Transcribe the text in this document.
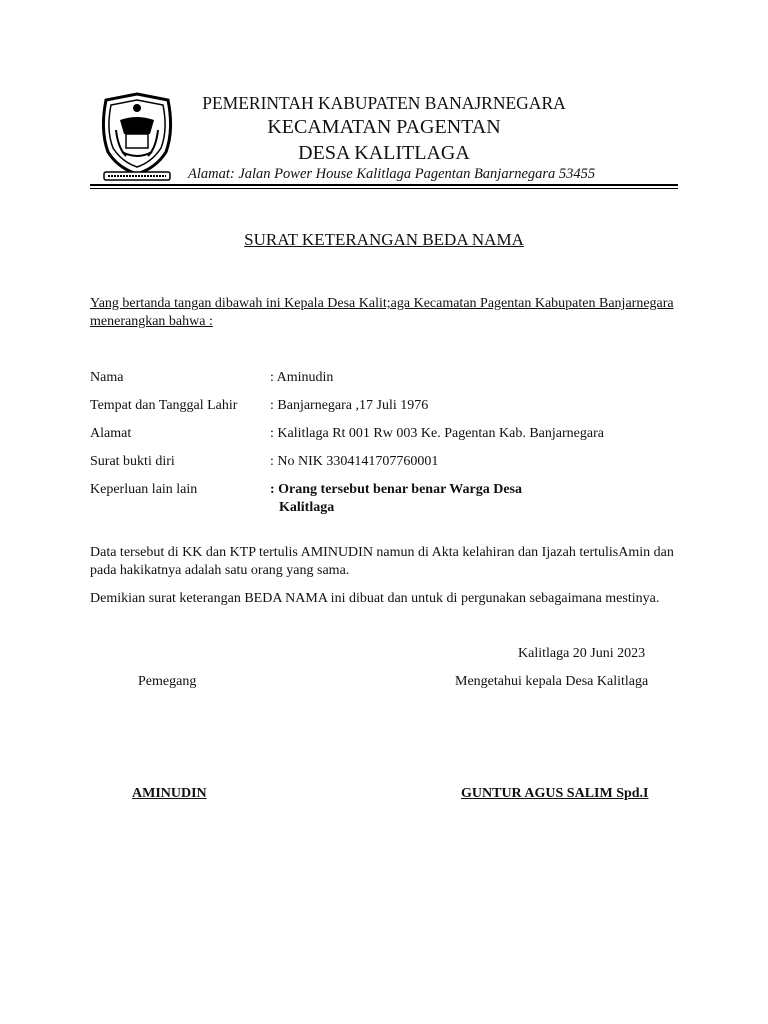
PEMERINTAH KABUPATEN BANAJRNEGARA
KECAMATAN PAGENTAN
DESA KALITLAGA
Alamat: Jalan Power House Kalitlaga Pagentan Banjarnegara 53455
SURAT KETERANGAN BEDA NAMA
Yang bertanda tangan dibawah ini Kepala Desa Kalit;aga Kecamatan Pagentan Kabupaten Banjarnegara
menerangkan bahwa :
Nama	: Aminudin
Tempat dan Tanggal Lahir : Banjarnegara ,17 Juli 1976
Alamat	: Kalitlaga Rt 001 Rw 003 Ke. Pagentan Kab. Banjarnegara
Surat bukti diri	: No NIK 3304141707760001
Keperluan lain lain	: Orang tersebut benar benar Warga Desa
Kalitlaga
Data tersebut di KK dan KTP tertulis AMINUDIN namun di Akta kelahiran dan Ijazah tertulisAmin dan pada hakikatnya adalah satu orang yang sama.
Demikian surat keterangan BEDA NAMA ini dibuat dan untuk di pergunakan sebagaimana mestinya.
Kalitlaga 20 Juni 2023
Pemegang	Mengetahui kepala Desa Kalitlaga
AMINUDIN	GUNTUR AGUS SALIM Spd.I
